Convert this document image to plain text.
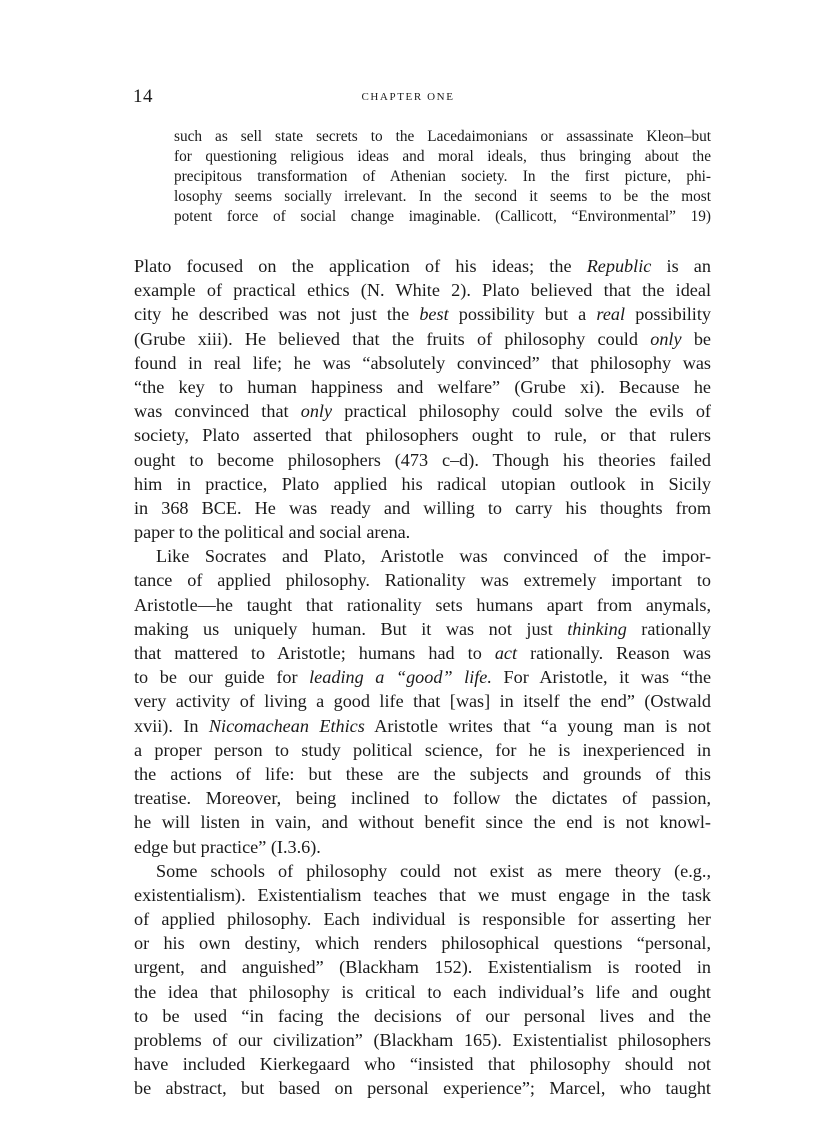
14	CHAPTER ONE
such as sell state secrets to the Lacedaimonians or assassinate Kleon–but
for questioning religious ideas and moral ideals, thus bringing about the
precipitous transformation of Athenian society. In the first picture, phi-
losophy seems socially irrelevant. In the second it seems to be the most
potent force of social change imaginable. (Callicott, “Environmental” 19)
Plato focused on the application of his ideas; the Republic is an
example of practical ethics (N. White 2). Plato believed that the ideal
city he described was not just the best possibility but a real possibility
(Grube xiii). He believed that the fruits of philosophy could only be
found in real life; he was “absolutely convinced” that philosophy was
“the key to human happiness and welfare” (Grube xi). Because he
was convinced that only practical philosophy could solve the evils of
society, Plato asserted that philosophers ought to rule, or that rulers
ought to become philosophers (473 c–d). Though his theories failed
him in practice, Plato applied his radical utopian outlook in Sicily
in 368 BCE. He was ready and willing to carry his thoughts from
paper to the political and social arena.
Like Socrates and Plato, Aristotle was convinced of the impor-
tance of applied philosophy. Rationality was extremely important to
Aristotle—he taught that rationality sets humans apart from anymals,
making us uniquely human. But it was not just thinking rationally
that mattered to Aristotle; humans had to act rationally. Reason was
to be our guide for leading a “good” life. For Aristotle, it was “the
very activity of living a good life that [was] in itself the end” (Ostwald
xvii). In Nicomachean Ethics Aristotle writes that “a young man is not
a proper person to study political science, for he is inexperienced in
the actions of life: but these are the subjects and grounds of this
treatise. Moreover, being inclined to follow the dictates of passion,
he will listen in vain, and without benefit since the end is not knowl-
edge but practice” (I.3.6).
Some schools of philosophy could not exist as mere theory (e.g.,
existentialism). Existentialism teaches that we must engage in the task
of applied philosophy. Each individual is responsible for asserting her
or his own destiny, which renders philosophical questions “personal,
urgent, and anguished” (Blackham 152). Existentialism is rooted in
the idea that philosophy is critical to each individual’s life and ought
to be used “in facing the decisions of our personal lives and the
problems of our civilization” (Blackham 165). Existentialist philosophers
have included Kierkegaard who “insisted that philosophy should not
be abstract, but based on personal experience”; Marcel, who taught
